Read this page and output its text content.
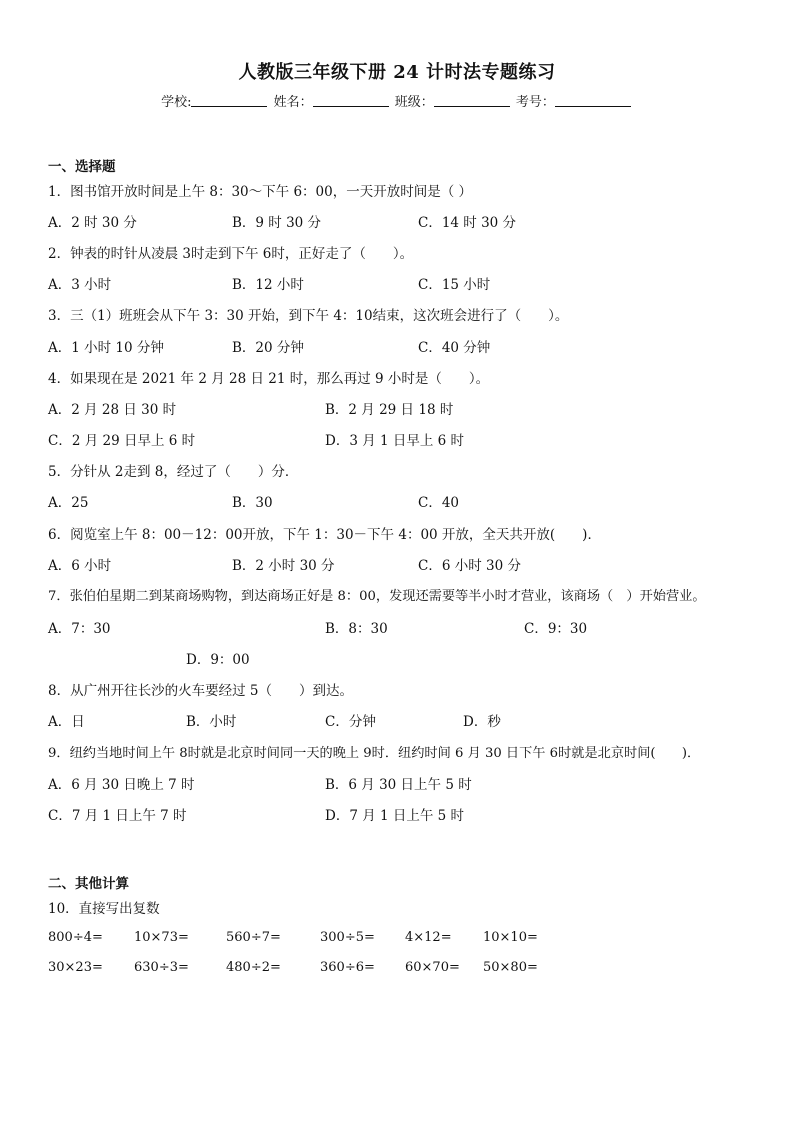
人教版三年级下册 24 计时法专题练习
学校:	姓名：	班级：	考号：
一、选择题
1．图书馆开放时间是上午 8：30～下午 6：00，一天开放时间是（ ）
A．2 时 30 分	B．9 时 30 分	C．14 时 30 分
2．钟表的时针从凌晨 3时走到下午 6时，正好走了（　　）。
A．3 小时	B．12 小时	C．15 小时
3．三（1）班班会从下午 3：30 开始，到下午 4：10结束，这次班会进行了（　　）。
A．1 小时 10 分钟	B．20 分钟	C．40 分钟
4．如果现在是 2021 年 2 月 28 日 21 时，那么再过 9 小时是（　　）。
A．2 月 28 日 30 时	B．2 月 29 日 18 时
C．2 月 29 日早上 6 时	D．3 月 1 日早上 6 时
5．分针从 2走到 8，经过了（　　）分．
A．25	B．30	C．40
6．阅览室上午 8：00－12：00开放，下午 1：30－下午 4：00 开放，全天共开放(　　)．
A．6 小时	B．2 小时 30 分	C．6 小时 30 分
7．张伯伯星期二到某商场购物，到达商场正好是 8：00，发现还需要等半小时才营业，该商场（　）开始营业。
A．7：30	B．8：30	C．9：30
D．9：00
8．从广州开往长沙的火车要经过 5（　　）到达。
A．日	B．小时	C．分钟	D．秒
9．纽约当地时间上午 8时就是北京时间同一天的晚上 9时．纽约时间 6 月 30 日下午 6时就是北京时间(　　)．
A．6 月 30 日晚上 7 时	B．6 月 30 日上午 5 时
C．7 月 1 日上午 7 时	D．7 月 1 日上午 5 时
二、其他计算
10．直接写出复数
800÷4= 10×73=	560÷7=	300÷5= 4×12= 10×10=
30×23= 630÷3=	480÷2=	360÷6= 60×70= 50×80=
